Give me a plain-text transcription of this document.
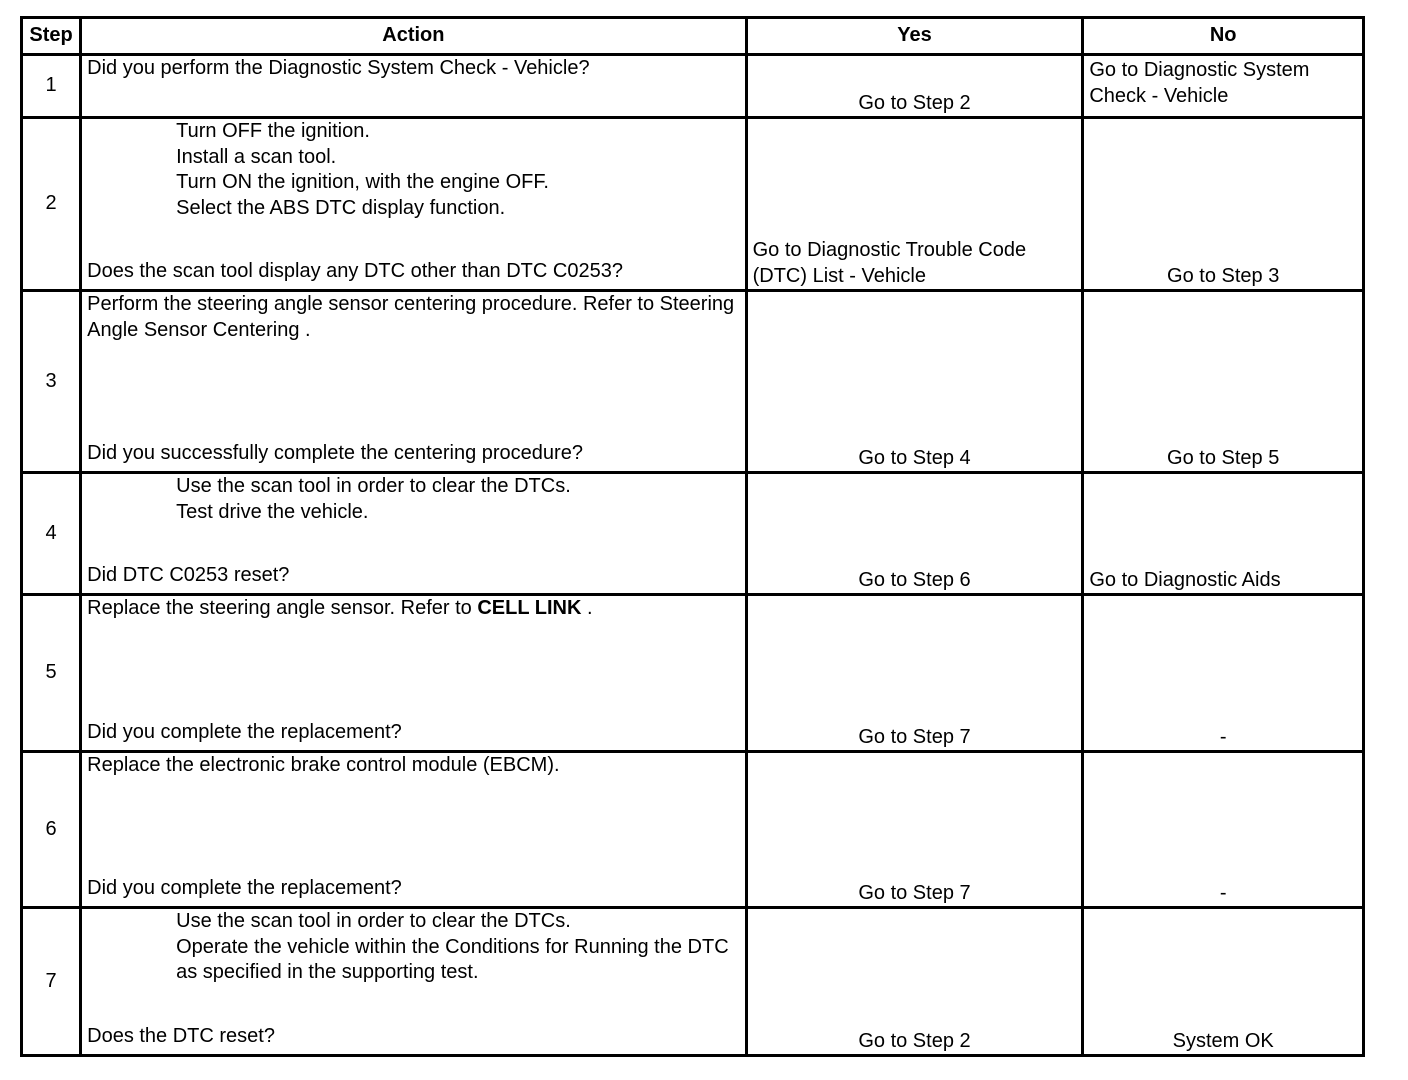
Step	Action	Yes	No
1	Did you perform the Diagnostic System Check - Vehicle?	Go to Step 2	Go to Diagnostic System Check - Vehicle
2	Turn OFF the ignition.
Install a scan tool.
Turn ON the ignition, with the engine OFF.
Select the ABS DTC display function.
Does the scan tool display any DTC other than DTC C0253?	Go to Diagnostic Trouble Code (DTC) List - Vehicle	Go to Step 3
3	Perform the steering angle sensor centering procedure. Refer to Steering Angle Sensor Centering .
Did you successfully complete the centering procedure?	Go to Step 4	Go to Step 5
4	Use the scan tool in order to clear the DTCs.
Test drive the vehicle.
Did DTC C0253 reset?	Go to Step 6	Go to Diagnostic Aids
5	Replace the steering angle sensor. Refer to CELL LINK .
Did you complete the replacement?	Go to Step 7	-
6	Replace the electronic brake control module (EBCM).
Did you complete the replacement?	Go to Step 7	-
7	Use the scan tool in order to clear the DTCs.
Operate the vehicle within the Conditions for Running the DTC as specified in the supporting test.
Does the DTC reset?	Go to Step 2	System OK
